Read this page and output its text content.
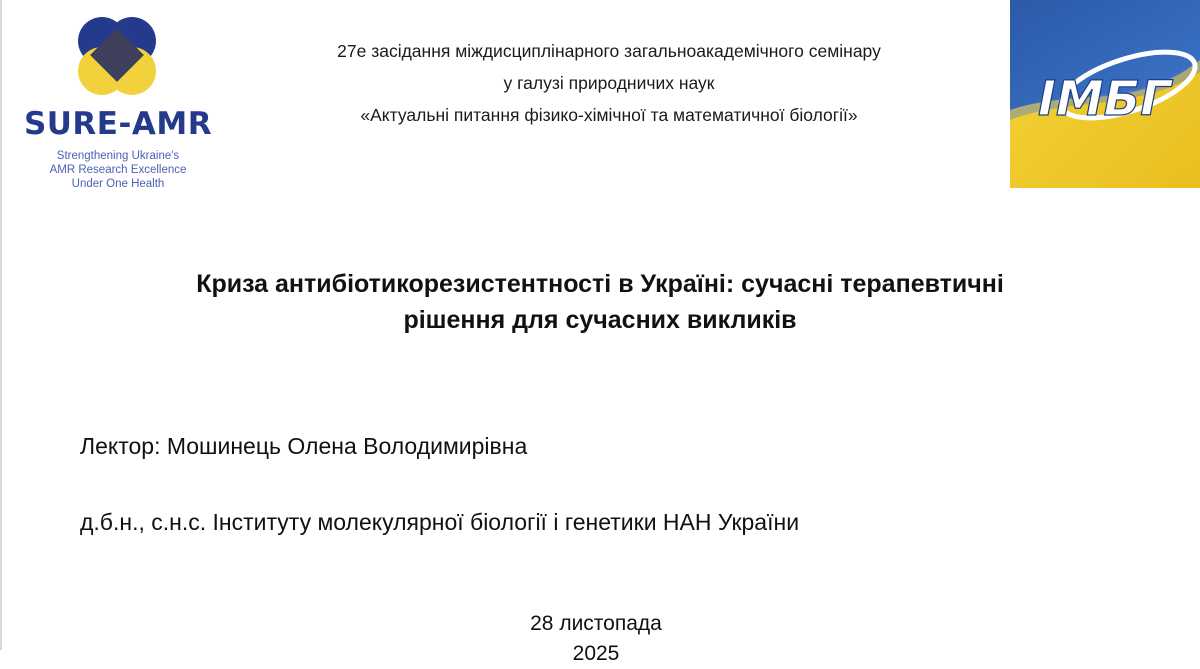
SURE-AMR
Strengthening Ukraine's
AMR Research Excellence
Under One Health
27е засідання міждисциплінарного загальноакадемічного семінару
у галузі природничих наук
«Актуальні питання фізико-хімічної та математичної біології»	IMБГ
Криза антибіотикорезистентності в Україні: сучасні терапевтичні
рішення для сучасних викликів
Лектор: Мошинець Олена Володимирівна
д.б.н., с.н.с. Інституту молекулярної біології і генетики НАН України
28 листопада
2025
